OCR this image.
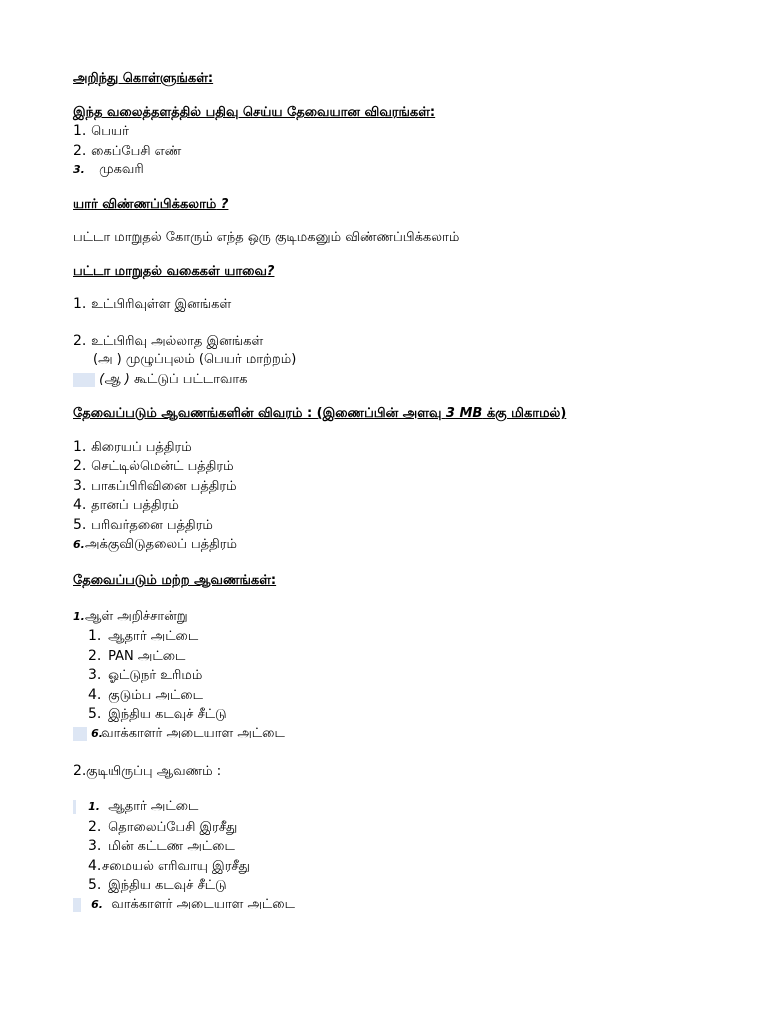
அறிந்து கொள்ளுங்கள்:
இந்த வலைத்தளத்தில் பதிவு செய்ய தேவையான விவரங்கள்:
1. பெயர்
2. கைப்பேசி எண்
3. முகவரி
யார் விண்ணப்பிக்கலாம் ?
பட்டா மாறுதல் கோரும் எந்த ஒரு குடிமகனும் விண்ணப்பிக்கலாம்
பட்டா மாறுதல் வகைகள் யாவை?
1. உட்பிரிவுள்ள இனங்கள்
2. உட்பிரிவு அல்லாத இனங்கள்
(அ ) முழுப்புலம் (பெயர் மாற்றம்)
(ஆ ) கூட்டுப் பட்டாவாக
தேவைப்படும் ஆவணங்களின் விவரம் : (இணைப்பின் அளவு 3 MB க்கு மிகாமல்)
1. கிரையப் பத்திரம்
2. செட்டில்மென்ட் பத்திரம்
3. பாகப்பிரிவினை பத்திரம்
4. தானப் பத்திரம்
5. பரிவர்தனை பத்திரம்
6.அக்குவிடுதலைப் பத்திரம்
தேவைப்படும் மற்ற ஆவணங்கள்:
1.ஆள் அறிச்சான்று
1. ஆதார் அட்டை
2. PAN அட்டை
3. ஓட்டுநர் உரிமம்
4. குடும்ப அட்டை
5. இந்திய கடவுச் சீட்டு
6.வாக்காளர் அடையாள அட்டை
2.குடியிருப்பு ஆவணம் :
1. ஆதார் அட்டை
2. தொலைப்பேசி இரசீது
3. மின் கட்டண அட்டை
4.சமையல் எரிவாயு இரசீது
5. இந்திய கடவுச் சீட்டு
6. வாக்காளர் அடையாள அட்டை
